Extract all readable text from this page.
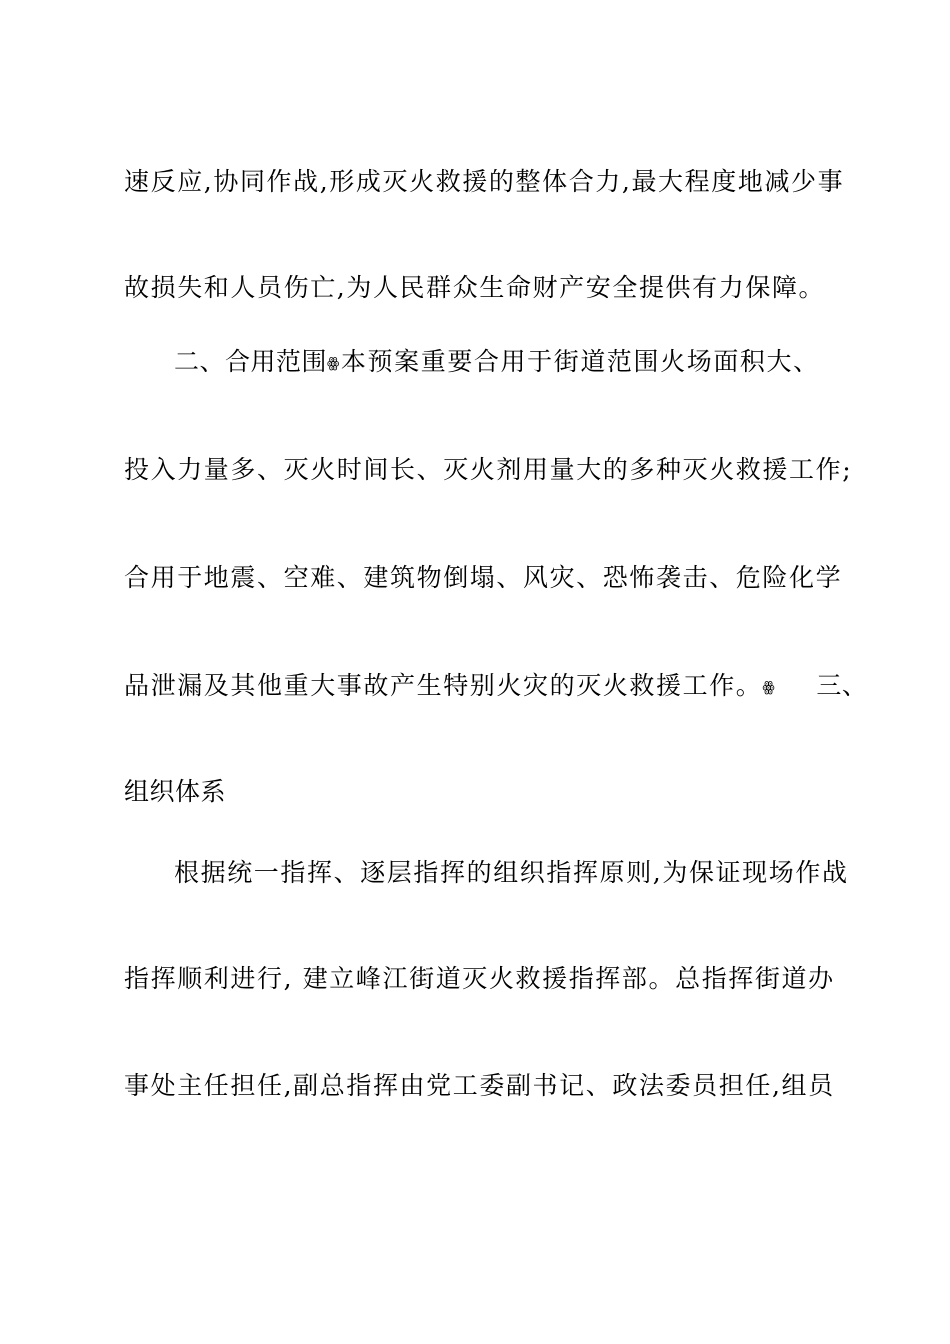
速反应,协同作战,形成灭火救援的整体合力,最大程度地减少事
故损失和人员伤亡,为人民群众生命财产安全提供有力保障。
二、合用范围ꙮ本预案重要合用于街道范围火场面积大、
投入力量多、灭火时间长、灭火剂用量大的多种灭火救援工作;
合用于地震、空难、建筑物倒塌、风灾、恐怖袭击、危险化学
品泄漏及其他重大事故产生特别火灾的灭火救援工作。ꙮ 三、
组织体系
根据统一指挥、逐层指挥的组织指挥原则,为保证现场作战
指挥顺利进行, 建立峰江街道灭火救援指挥部。总指挥街道办
事处主任担任,副总指挥由党工委副书记、政法委员担任,组员
